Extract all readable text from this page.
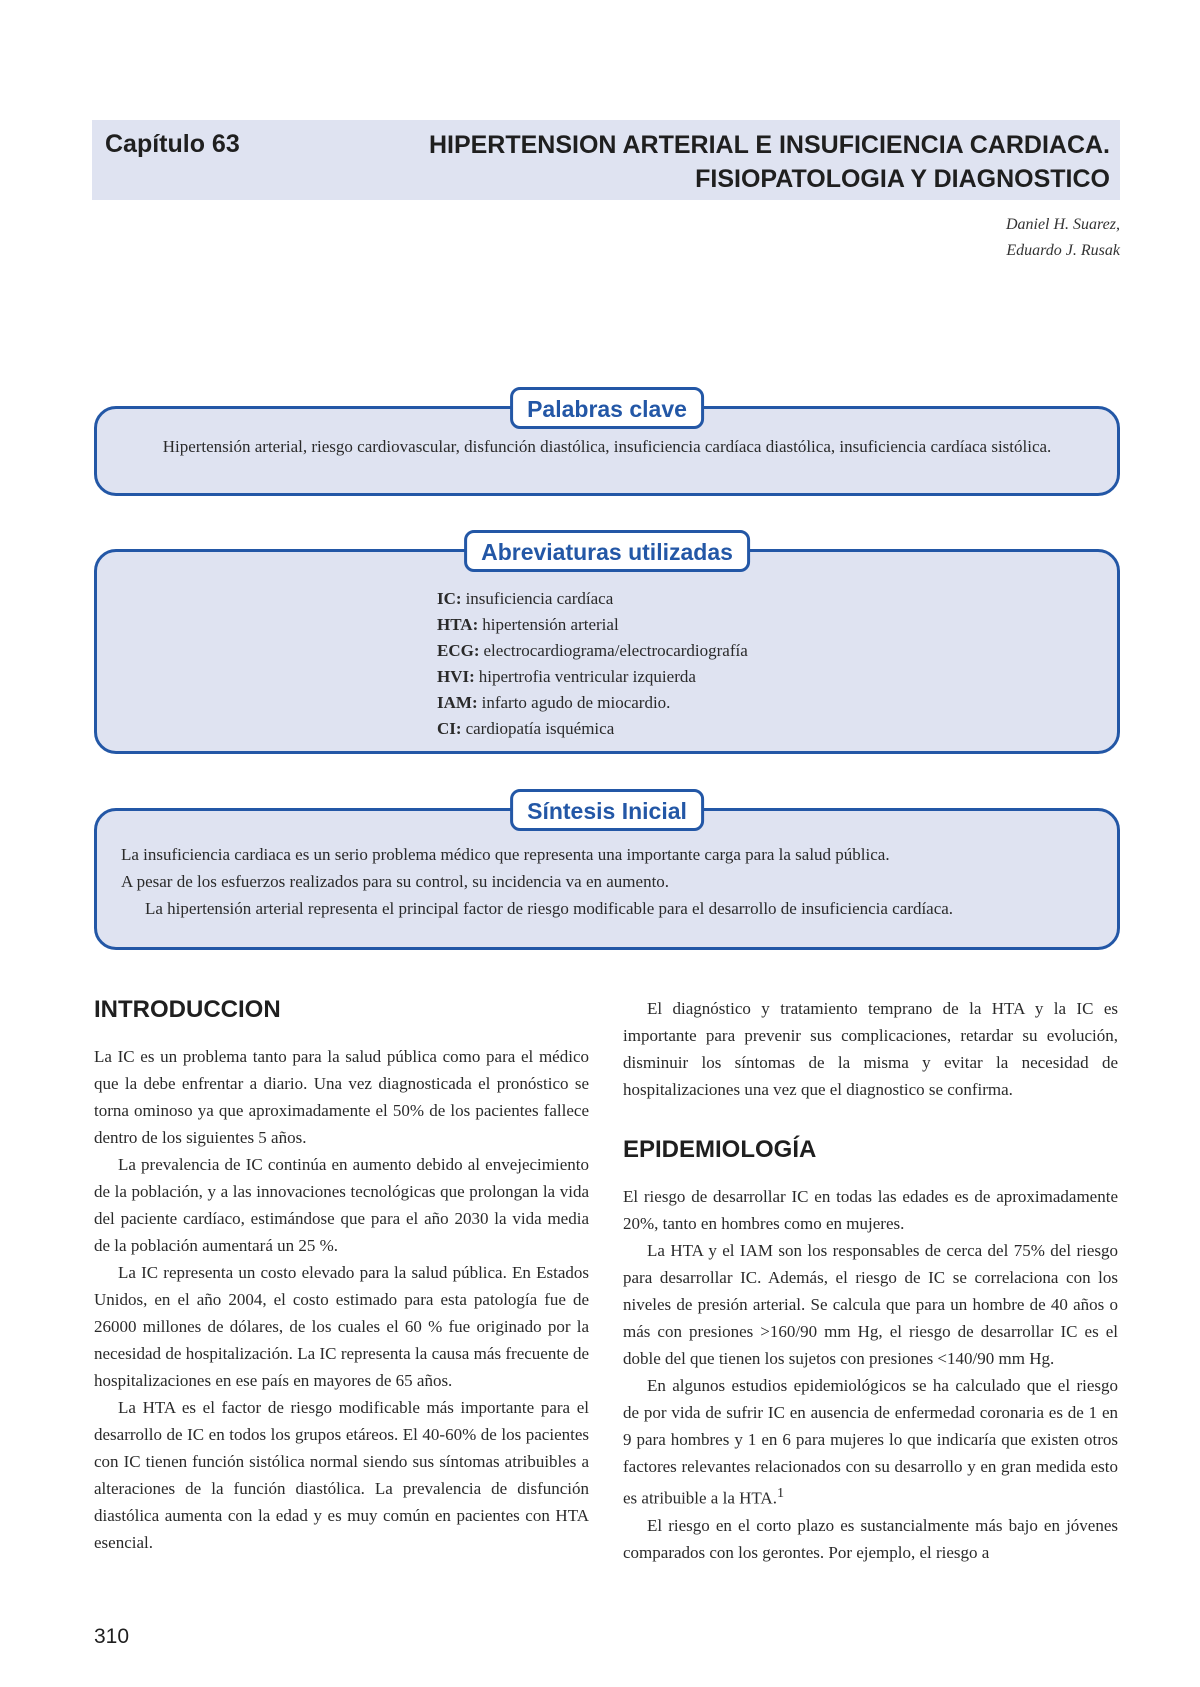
Capítulo 63	HIPERTENSION ARTERIAL E INSUFICIENCIA CARDIACA.
FISIOPATOLOGIA Y DIAGNOSTICO
Daniel H. Suarez,
Eduardo J. Rusak
Palabras clave
Hipertensión arterial, riesgo cardiovascular, disfunción diastólica, insuficiencia cardíaca diastólica, insuficiencia cardíaca sistólica.
Abreviaturas utilizadas
IC: insuficiencia cardíaca
HTA: hipertensión arterial
ECG: electrocardiograma/electrocardiografía
HVI: hipertrofia ventricular izquierda
IAM: infarto agudo de miocardio.
CI: cardiopatía isquémica
Síntesis Inicial

La insuficiencia cardiaca es un serio problema médico que representa una importante carga para la salud pública.

A pesar de los esfuerzos realizados para su control, su incidencia va en aumento.

La hipertensión arterial representa el principal factor de riesgo modificable para el desarrollo de insuficiencia cardíaca.

INTRODUCCION

La IC es un problema tanto para la salud pública como para el médico que la debe enfrentar a diario. Una vez diagnosticada el pronóstico se torna ominoso ya que aproximadamente el 50% de los pacientes fallece dentro de los siguientes 5 años.

La prevalencia de IC continúa en aumento debido al envejecimiento de la población, y a las innovaciones tecnológicas que prolongan la vida del paciente cardíaco, estimándose que para el año 2030 la vida media de la población aumentará un 25 %.

La IC representa un costo elevado para la salud pública. En Estados Unidos, en el año 2004, el costo estimado para esta patología fue de 26000 millones de dólares, de los cuales el 60 % fue originado por la necesidad de hospitalización. La IC representa la causa más frecuente de hospitalizaciones en ese país en mayores de 65 años.

La HTA es el factor de riesgo modificable más importante para el desarrollo de IC en todos los grupos etáreos. El 40-60% de los pacientes con IC tienen función sistólica normal siendo sus síntomas atribuibles a alteraciones de la función diastólica. La prevalencia de disfunción diastólica aumenta con la edad y es muy común en pacientes con HTA esencial.

El diagnóstico y tratamiento temprano de la HTA y la IC es importante para prevenir sus complicaciones, retardar su evolución, disminuir los síntomas de la misma y evitar la necesidad de hospitalizaciones una vez que el diagnostico se confirma.

EPIDEMIOLOGÍA

El riesgo de desarrollar IC en todas las edades es de aproximadamente 20%, tanto en hombres como en mujeres.

La HTA y el IAM son los responsables de cerca del 75% del riesgo para desarrollar IC. Además, el riesgo de IC se correlaciona con los niveles de presión arterial. Se calcula que para un hombre de 40 años o más con presiones >160/90 mm Hg, el riesgo de desarrollar IC es el doble del que tienen los sujetos con presiones <140/90 mm Hg.

En algunos estudios epidemiológicos se ha calculado que el riesgo de por vida de sufrir IC en ausencia de enfermedad coronaria es de 1 en 9 para hombres y 1 en 6 para mujeres lo que indicaría que existen otros factores relevantes relacionados con su desarrollo y en gran medida esto es atribuible a la HTA.$^1$

El riesgo en el corto plazo es sustancialmente más bajo en jóvenes comparados con los gerontes. Por ejemplo, el riesgo a

310
